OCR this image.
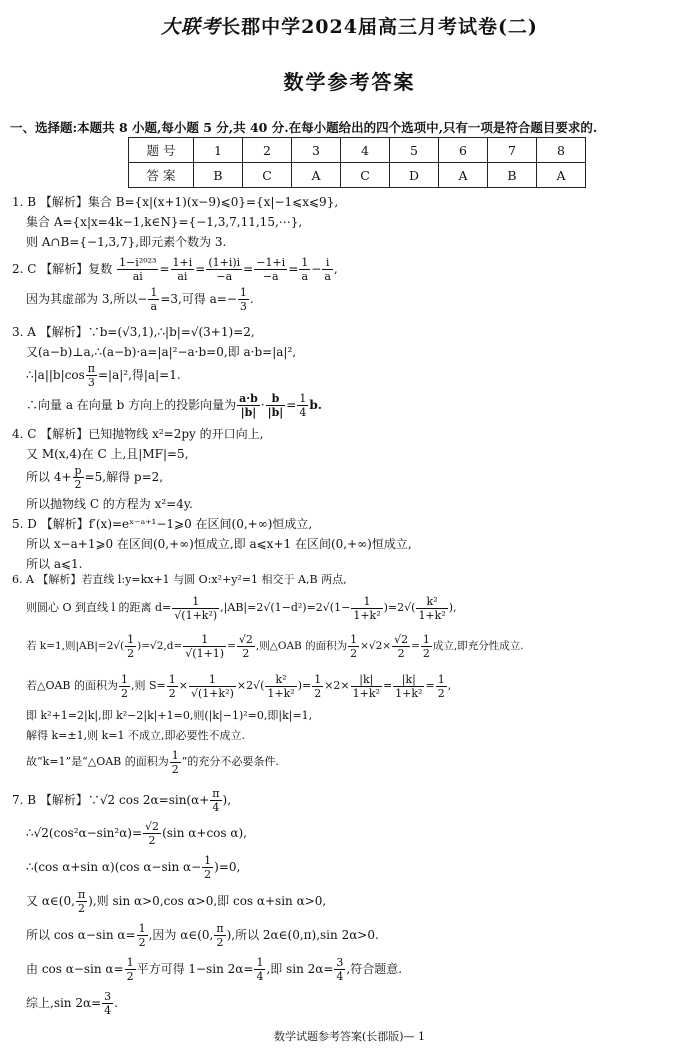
大联考长郡中学2024届高三月考试卷(二)
数学参考答案
一、选择题:本题共 8 小题,每小题 5 分,共 40 分.在每小题给出的四个选项中,只有一项是符合题目要求的.
题 号	1	2	3	4	5	6	7	8
答 案	B	C	A	C	D	A	B	A
1. B 【解析】集合 B={x|(x+1)(x−9)⩽0}={x|−1⩽x⩽9},
集合 A={x|x=4k−1,k∈N}={−1,3,7,11,15,⋯},
则 A∩B={−1,3,7},即元素个数为 3.
2. C 【解析】复数 $\frac{\text{1−i²⁰²³}}{ai} = \frac{1+i}{ai} = \frac{(1+i)i}{-a} = \frac{-1+i}{-a} = \frac{1}{a} - \frac{i}{a}$ ,
因为其虚部为 3,所以− $\frac{1}{a} =3$,可得 $a=- \frac{1}{3}$ .
3. A 【解析】∵b=(√3,1),∴|b|=√(3+1)=2,
又(a−b)⊥a,∴(a−b)·a=|a|²−a·b=0,即 a·b=|a|²,
∴|a||b|cos $\frac{\pi}{3} =|a|^2$,得|a|=1.
∴向量 a 在向量 b 方向上的投影向量为 $\frac{a\cdot b}{|b|} \cdot \frac{b}{|b|} = \frac{1}{4} b$.
4. C 【解析】已知抛物线 x²=2py 的开口向上,
又 M(x,4)在 C 上,且|MF|=5,
所以 $4+ \frac{p}{2} =5$,解得 p=2,
所以抛物线 C 的方程为 x²=4y.
5. D 【解析】f′(x)=eˣ⁻ᵃ⁺¹−1⩾0 在区间(0,+∞)恒成立,
所以 x−a+1⩾0 在区间(0,+∞)恒成立,即 a⩽x+1 在区间(0,+∞)恒成立,
所以 a⩽1.
6. A 【解析】若直线 l:y=kx+1 与圆 O:x²+y²=1 相交于 A,B 两点,
则圆心 O 到直线 l 的距离 $d= \frac{1}{\text{√(1+k²)}} ,|AB|=2√(1-d^2)=2√(1- \frac{1}{\text{1+k²}} )=2√( \frac{\text{k²}}{\text{1+k²}}$ ),
若 k=1,则$|AB|=2√( \frac{1}{2} )=√2,d= \frac{1}{√(1+1)} = \frac{√2}{2}$ ,则△OAB 的面积为 $\frac{1}{2} \times√2\times \frac{√2}{2} = \frac{1}{2}$ 成立,即充分性成立.
若△OAB 的面积为 $\frac{1}{2}$ ,则 $S= \frac{1}{2} \times \frac{1}{\text{√(1+k²)}} \times 2√( \frac{\text{k²}}{\text{1+k²}}$ )= $\frac{1}{2} \times 2\times \frac{|k|}{\text{1+k²}} = \frac{|k|}{\text{1+k²}} = \frac{1}{2}$ ,
即 k²+1=2|k|,即 k²−2|k|+1=0,则(|k|−1)²=0,即|k|=1,
解得 k=±1,则 k=1 不成立,即必要性不成立.
故“k=1”是“△OAB 的面积为 $\frac{1}{2}$ ”的充分不必要条件.
7. B 【解析】∵√2 $\cos 2\alpha=\sin(\alpha+ \frac{\pi}{4}$ ),
∴√2(cos²α−sin²α)= $\frac{√2}{2} (\sin$ α+cos α),
∴(cos α+sin α)(cos α−sin $\alpha- \frac{1}{2} )=0$,
又 α∈(0, $\frac{\pi}{2}$ ),则 sin α>0,cos α>0,即 cos α+sin α>0,
所以 cos α−sin $\alpha= \frac{1}{2}$ ,因为 α∈(0, $\frac{\pi}{2}$ ),所以 2α∈(0,π),sin 2α>0.
由 cos α−sin $\alpha= \frac{1}{2}$ 平方可得 1−sin $2\alpha= \frac{1}{4}$ ,即 $\sin 2\alpha= \frac{3}{4}$ ,符合题意.
综上,sin $2\alpha= \frac{3}{4}$ .
数学试题参考答案(长郡版)— 1
